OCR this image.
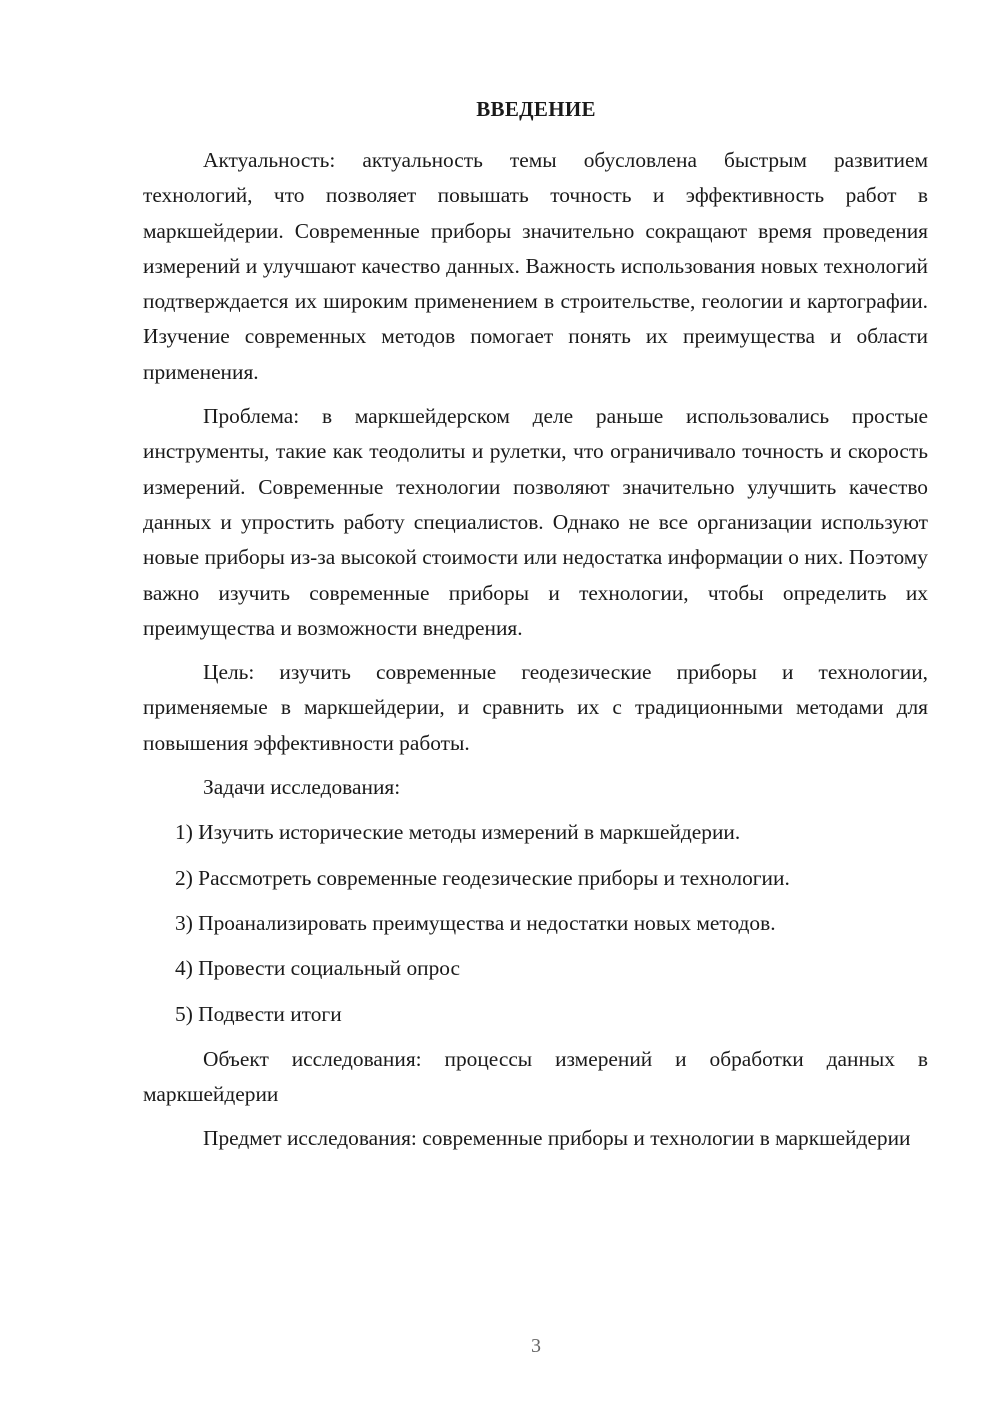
ВВЕДЕНИЕ

Актуальность: актуальность темы обусловлена быстрым развитием технологий, что позволяет повышать точность и эффективность работ в маркшейдерии. Современные приборы значительно сокращают время проведения измерений и улучшают качество данных. Важность использования новых технологий подтверждается их широким применением в строительстве, геологии и картографии. Изучение современных методов помогает понять их преимущества и области применения.

Проблема: в маркшейдерском деле раньше использовались простые инструменты, такие как теодолиты и рулетки, что ограничивало точность и скорость измерений. Современные технологии позволяют значительно улучшить качество данных и упростить работу специалистов. Однако не все организации используют новые приборы из-за высокой стоимости или недостатка информации о них. Поэтому важно изучить современные приборы и технологии, чтобы определить их преимущества и возможности внедрения.

Цель: изучить современные геодезические приборы и технологии, применяемые в маркшейдерии, и сравнить их с традиционными методами для повышения эффективности работы.

Задачи исследования:

1) Изучить исторические методы измерений в маркшейдерии.

2) Рассмотреть современные геодезические приборы и технологии.

3) Проанализировать преимущества и недостатки новых методов.

4) Провести социальный опрос

5) Подвести итоги

Объект исследования: процессы измерений и обработки данных в маркшейдерии

Предмет исследования: современные приборы и технологии в маркшейдерии

3
